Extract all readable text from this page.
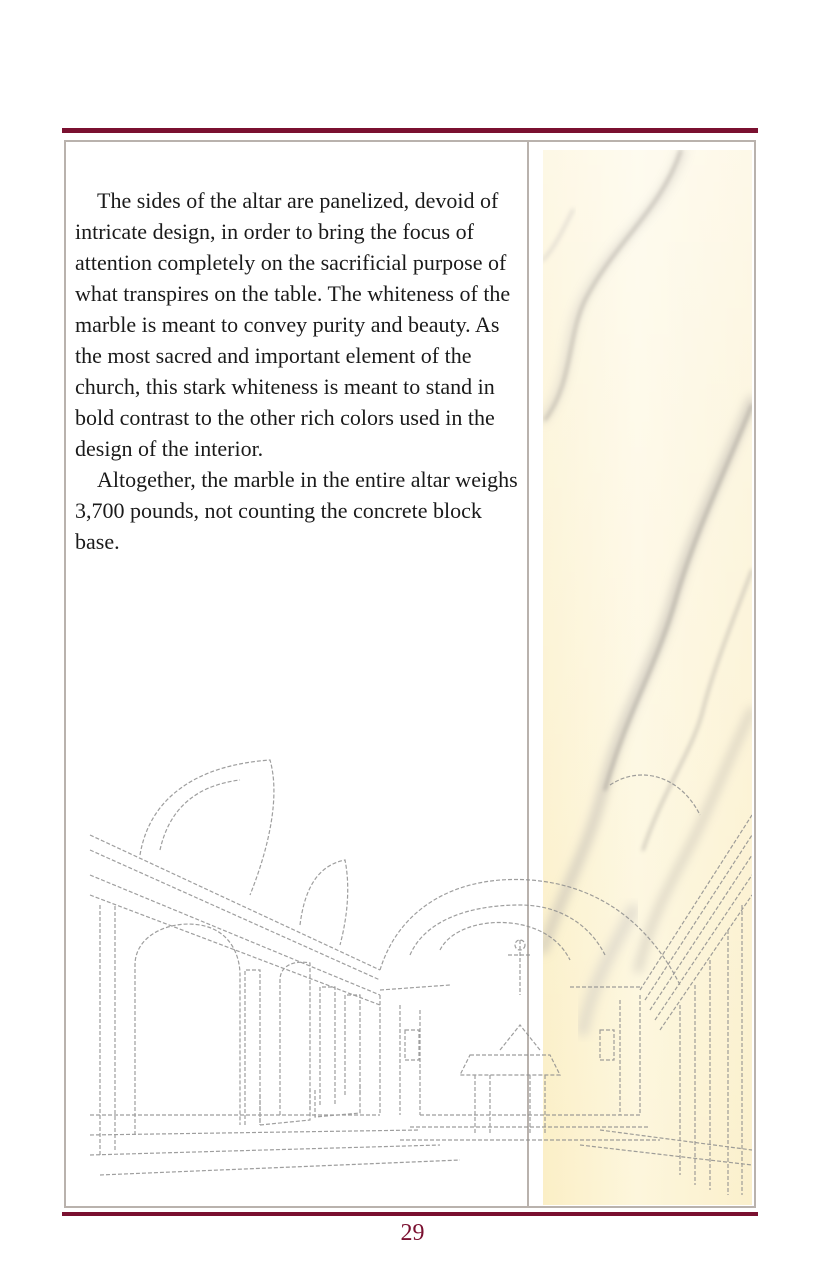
The sides of the altar are panelized, devoid of intricate design, in order to bring the focus of attention completely on the sacrificial purpose of what transpires on the table. The whiteness of the marble is meant to convey purity and beauty. As the most sacred and important element of the church, this stark whiteness is meant to stand in bold contrast to the other rich colors used in the design of the interior.

Altogether, the marble in the entire altar weighs 3,700 pounds, not counting the concrete block base.

29
